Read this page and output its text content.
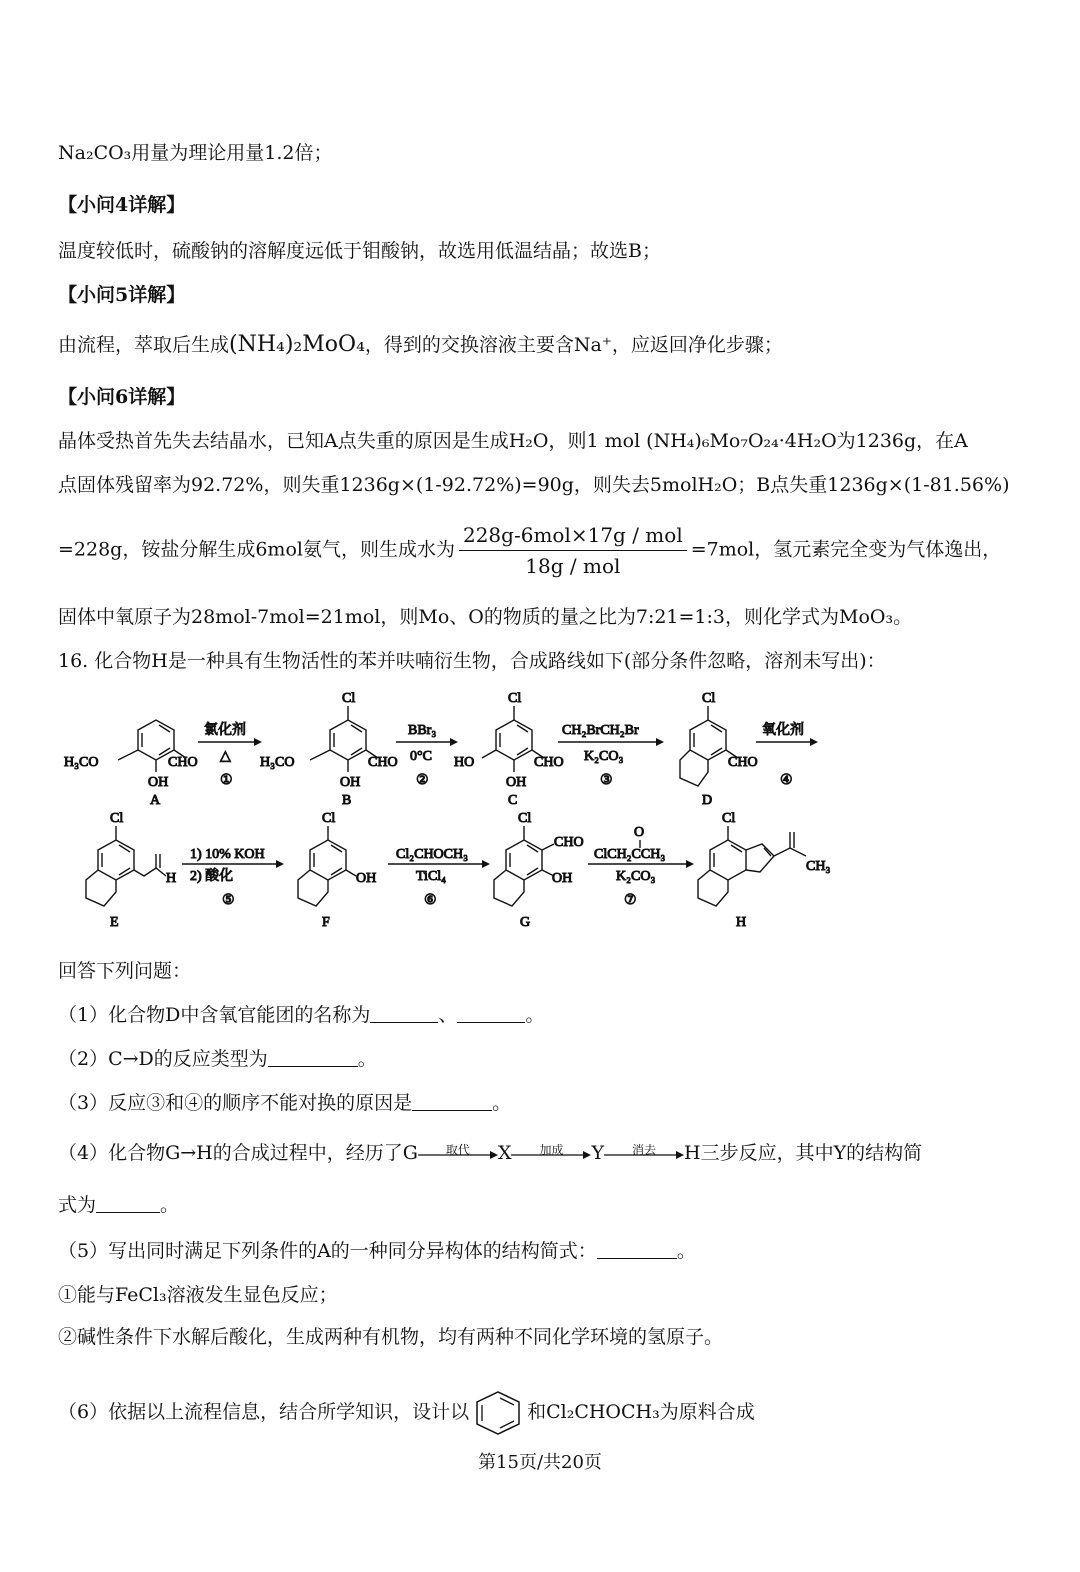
Na₂CO₃用量为理论用量1.2倍；
【小问4详解】
温度较低时，硫酸钠的溶解度远低于钼酸钠，故选用低温结晶；故选B；
【小问5详解】
由流程，萃取后生成(NH₄)₂MoO₄，得到的交换溶液主要含Na⁺，应返回净化步骤；
【小问6详解】
晶体受热首先失去结晶水，已知A点失重的原因是生成H₂O，则1 mol (NH₄)₆Mo₇O₂₄·4H₂O为1236g，在A
点固体残留率为92.72%，则失重1236g×(1-92.72%)=90g，则失去5molH₂O；B点失重1236g×(1-81.56%)
=228g，铵盐分解生成6mol氨气，则生成水为 $\frac{\text{228g-6mol×17g / mol}}{\text{18g / mol}} =7mol$，氢元素完全变为气体逸出，
固体中氧原子为28mol-7mol=21mol，则Mo、O的物质的量之比为7:21=1:3，则化学式为MoO₃。
16. 化合物H是一种具有生物活性的苯并呋喃衍生物，合成路线如下(部分条件忽略，溶剂未写出)：
H₃CO
OH
CHO
A
Cl
H₃CO
OH
CHO
B
Cl
HO
OH
CHO
C
Cl
CHO
D
Cl
H
E
Cl
OH
F
Cl
CHO
OH
G
Cl
CH₃
H
氯化剂
△
①
BBr₃
0°C
②
CH₂BrCH₂Br
K₂CO₃
③
氧化剂
④
1) 10% KOH
2) 酸化
⑤
Cl₂CHOCH₃
TiCl₄
⑥
O
ClCH₂CCH₃
K₂CO₃
⑦
回答下列问题：
（1）化合物D中含氧官能团的名称为	、	。
（2）C→D的反应类型为	。
（3）反应③和④的顺序不能对换的原因是	。
（4）化合物G→H的合成过程中，经历了G	取代	X	加成	Y	消去	H三步反应，其中Y的结构简
式为	。
（5）写出同时满足下列条件的A的一种同分异构体的结构简式：	。
①能与FeCl₃溶液发生显色反应；
②碱性条件下水解后酸化，生成两种有机物，均有两种不同化学环境的氢原子。
（6）依据以上流程信息，结合所学知识，设计以	和Cl₂CHOCH₃为原料合成
第15页/共20页
